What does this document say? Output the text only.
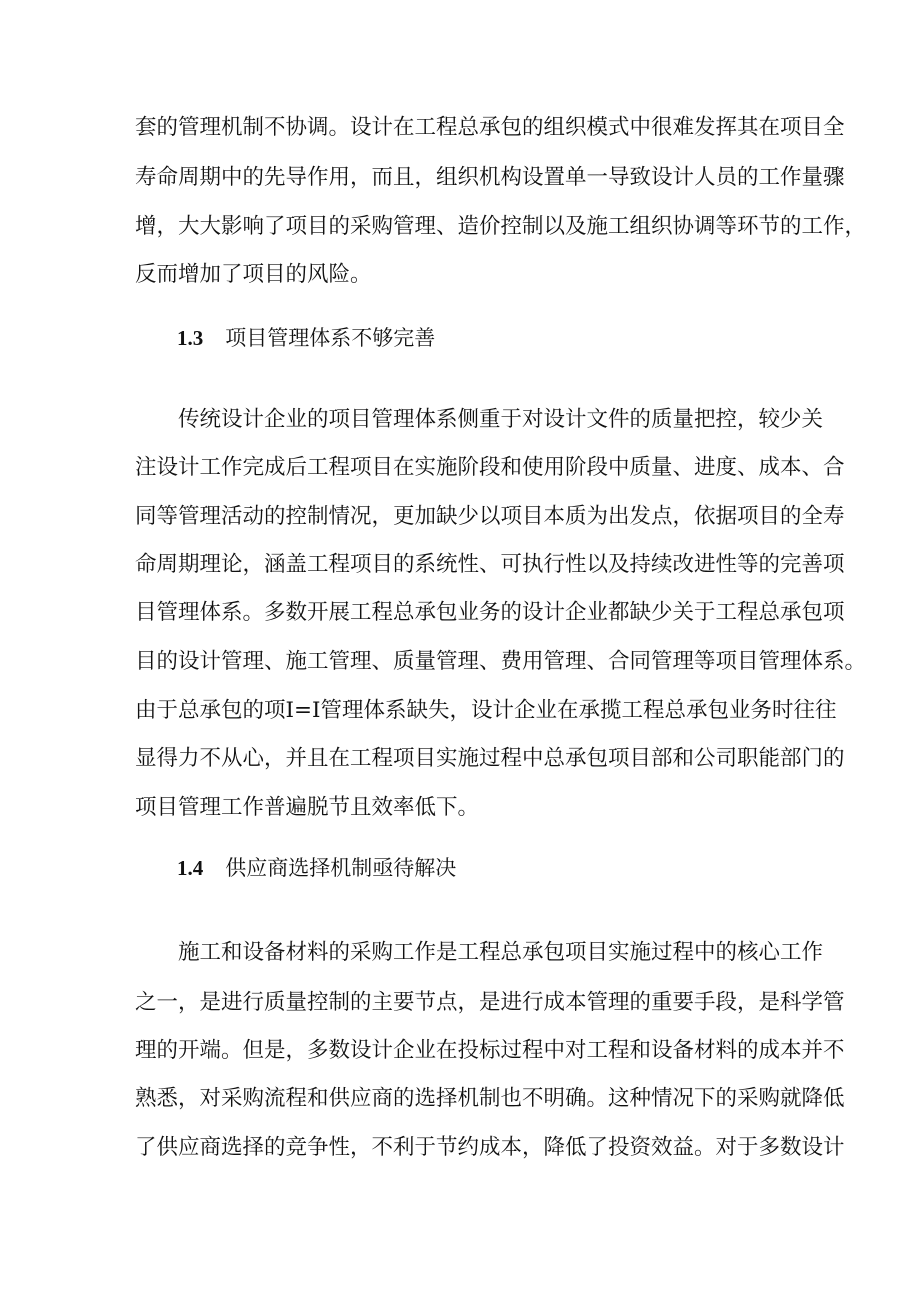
套的管理机制不协调。设计在工程总承包的组织模式中很难发挥其在项目全
寿命周期中的先导作用，而且，组织机构设置单一导致设计人员的工作量骤
增，大大影响了项目的采购管理、造价控制以及施工组织协调等环节的工作，
反而增加了项目的风险。
1.3 项目管理体系不够完善
传统设计企业的项目管理体系侧重于对设计文件的质量把控，较少关
注设计工作完成后工程项目在实施阶段和使用阶段中质量、进度、成本、合
同等管理活动的控制情况，更加缺少以项目本质为出发点，依据项目的全寿
命周期理论，涵盖工程项目的系统性、可执行性以及持续改进性等的完善项
目管理体系。多数开展工程总承包业务的设计企业都缺少关于工程总承包项
目的设计管理、施工管理、质量管理、费用管理、合同管理等项目管理体系。
由于总承包的项I=I管理体系缺失，设计企业在承揽工程总承包业务时往往
显得力不从心，并且在工程项目实施过程中总承包项目部和公司职能部门的
项目管理工作普遍脱节且效率低下。
1.4 供应商选择机制亟待解决
施工和设备材料的采购工作是工程总承包项目实施过程中的核心工作
之一，是进行质量控制的主要节点，是进行成本管理的重要手段，是科学管
理的开端。但是，多数设计企业在投标过程中对工程和设备材料的成本并不
熟悉，对采购流程和供应商的选择机制也不明确。这种情况下的采购就降低
了供应商选择的竞争性，不利于节约成本，降低了投资效益。对于多数设计
